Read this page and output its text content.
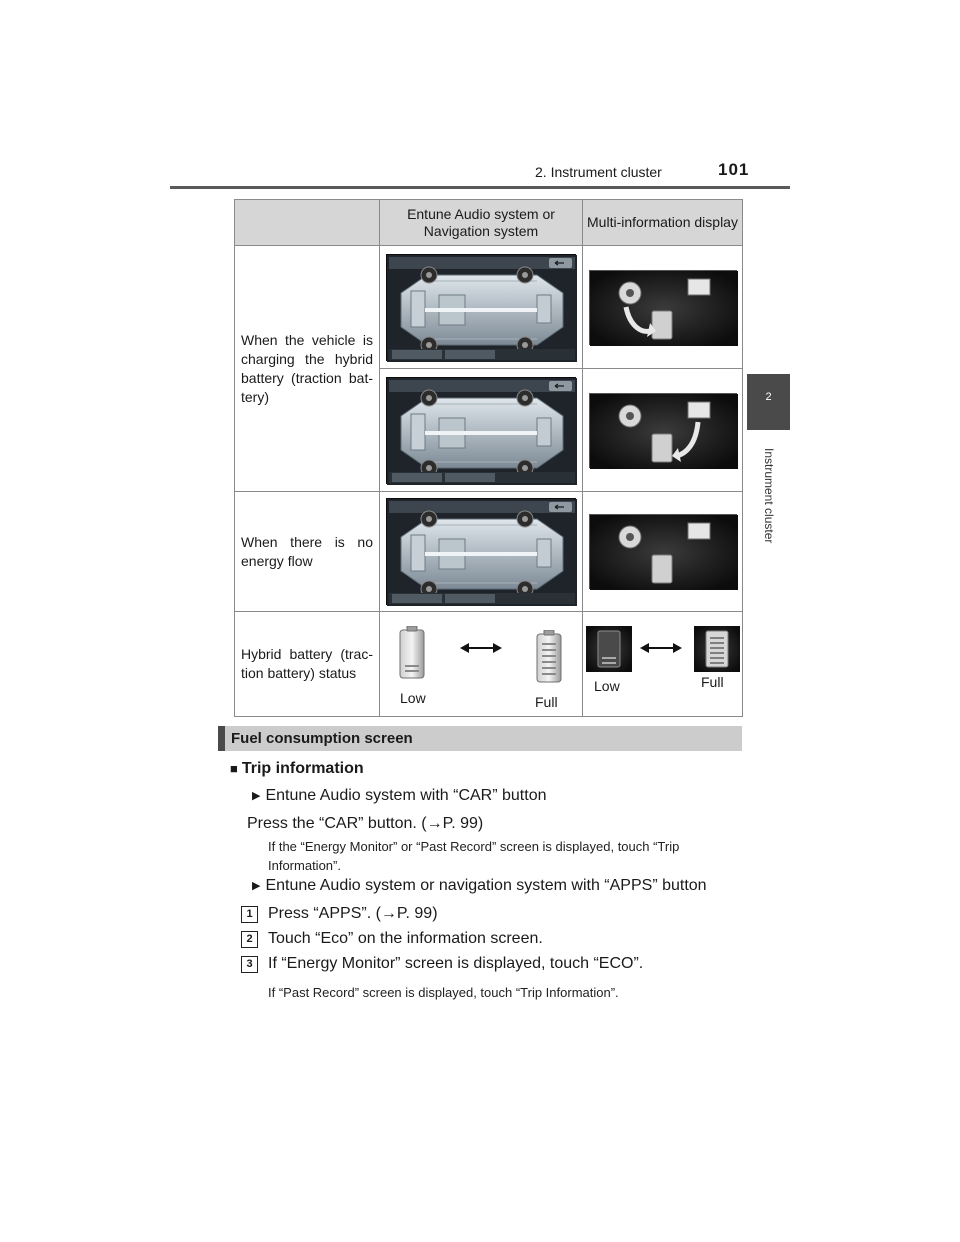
2. Instrument cluster	101
2
Instrument cluster
	Entune Audio system or Navigation system	Multi-information display
When the vehicle is charging the hybrid battery (traction bat-tery)		

When there is no energy flow		
Hybrid battery (trac-tion battery) status	Low Full	Low Full
Fuel consumption screen
■ Trip information
▶ Entune Audio system with “CAR” button
Press the “CAR” button. (→P. 99)
If the “Energy Monitor” or “Past Record” screen is displayed, touch “Trip Information”.
▶ Entune Audio system or navigation system with “APPS” button
1 Press “APPS”. (→P. 99)
2 Touch “Eco” on the information screen.
3 If “Energy Monitor” screen is displayed, touch “ECO”.
If “Past Record” screen is displayed, touch “Trip Information”.
